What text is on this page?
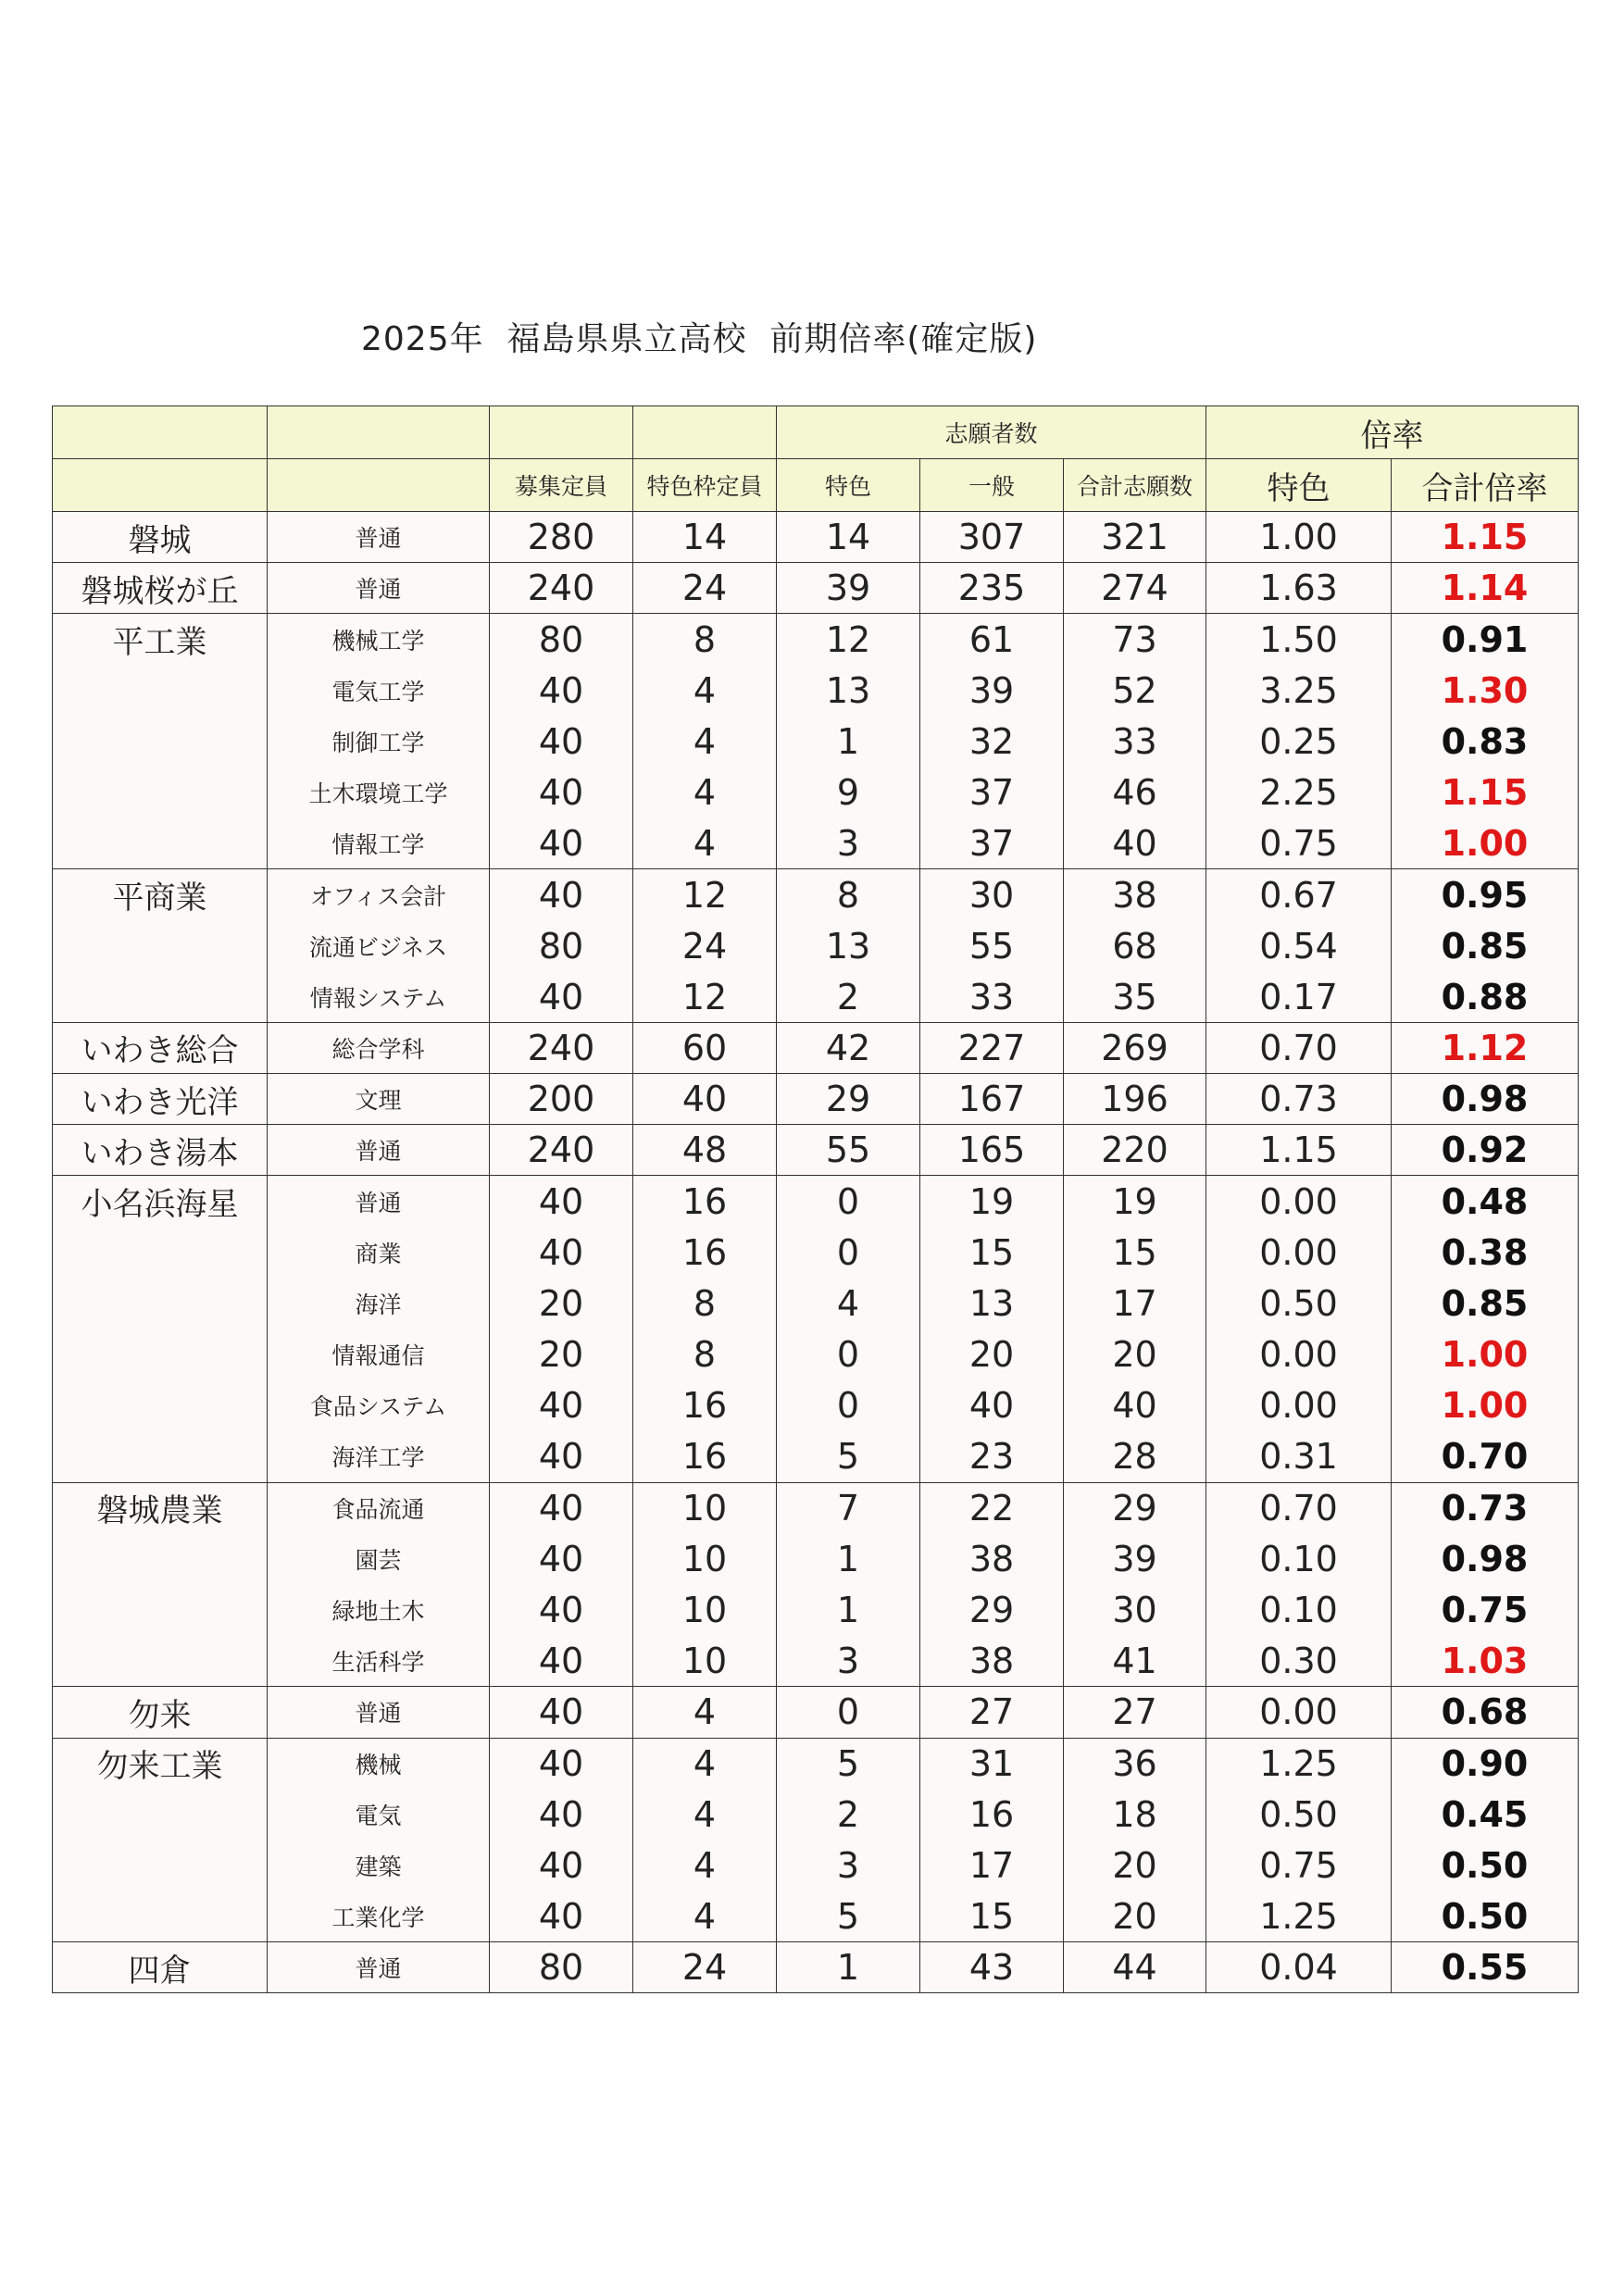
2025年  福島県県立高校  前期倍率(確定版)
				志願者数			倍率	
		募集定員	特色枠定員	特色	一般	合計志願数	特色	合計倍率
磐城	普通	280	14	14	307	321	1.00	1.15
磐城桜が丘	普通	240	24	39	235	274	1.63	1.14
平工業	機械工学	80	8	12	61	73	1.50	0.91
	電気工学	40	4	13	39	52	3.25	1.30
	制御工学	40	4	1	32	33	0.25	0.83
	土木環境工学	40	4	9	37	46	2.25	1.15
	情報工学	40	4	3	37	40	0.75	1.00
平商業	オフィス会計	40	12	8	30	38	0.67	0.95
	流通ビジネス	80	24	13	55	68	0.54	0.85
	情報システム	40	12	2	33	35	0.17	0.88
いわき総合	総合学科	240	60	42	227	269	0.70	1.12
いわき光洋	文理	200	40	29	167	196	0.73	0.98
いわき湯本	普通	240	48	55	165	220	1.15	0.92
小名浜海星	普通	40	16	0	19	19	0.00	0.48
	商業	40	16	0	15	15	0.00	0.38
	海洋	20	8	4	13	17	0.50	0.85
	情報通信	20	8	0	20	20	0.00	1.00
	食品システム	40	16	0	40	40	0.00	1.00
	海洋工学	40	16	5	23	28	0.31	0.70
磐城農業	食品流通	40	10	7	22	29	0.70	0.73
	園芸	40	10	1	38	39	0.10	0.98
	緑地土木	40	10	1	29	30	0.10	0.75
	生活科学	40	10	3	38	41	0.30	1.03
勿来	普通	40	4	0	27	27	0.00	0.68
勿来工業	機械	40	4	5	31	36	1.25	0.90
	電気	40	4	2	16	18	0.50	0.45
	建築	40	4	3	17	20	0.75	0.50
	工業化学	40	4	5	15	20	1.25	0.50
四倉	普通	80	24	1	43	44	0.04	0.55
